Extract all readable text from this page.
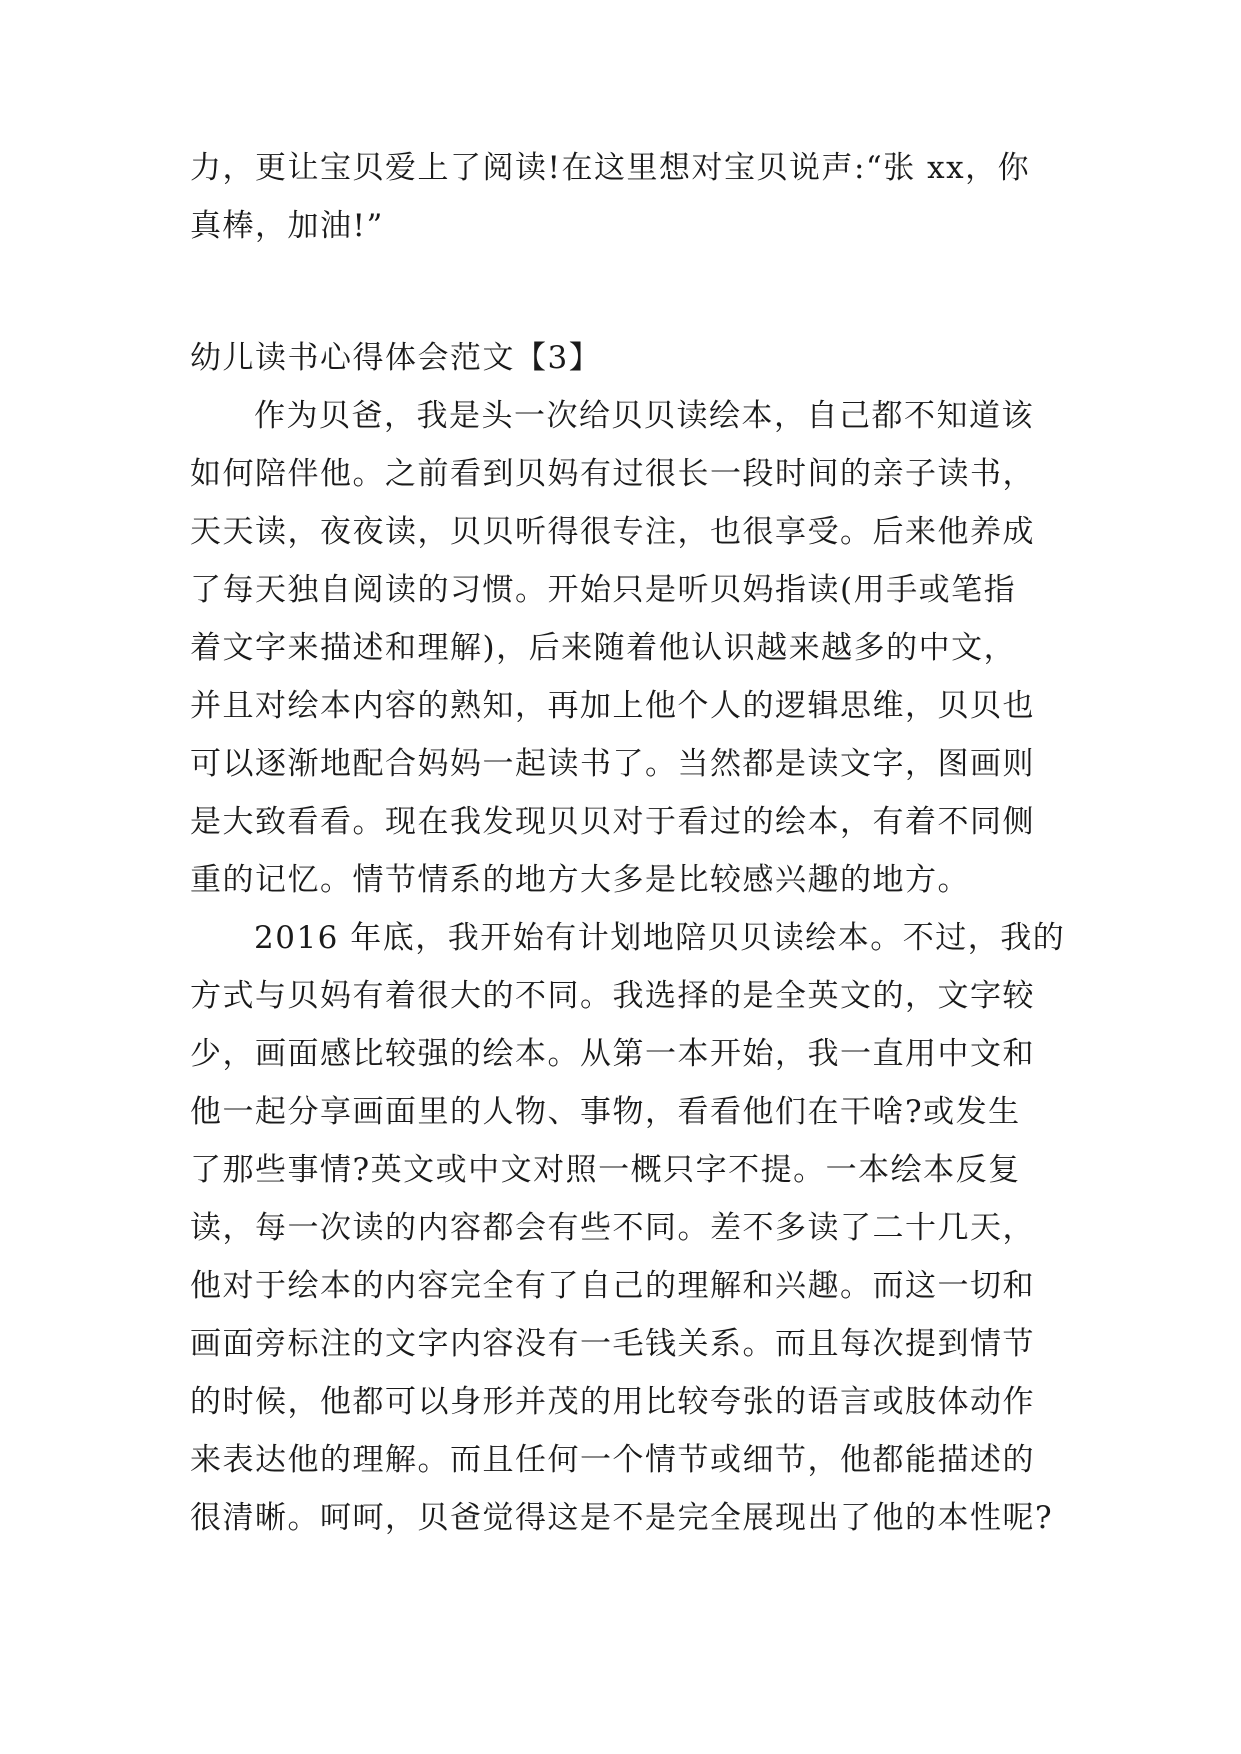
力，更让宝贝爱上了阅读!在这里想对宝贝说声:“张 xx，你
真棒，加油!”
幼儿读书心得体会范文【3】
作为贝爸，我是头一次给贝贝读绘本，自己都不知道该
如何陪伴他。之前看到贝妈有过很长一段时间的亲子读书，
天天读，夜夜读，贝贝听得很专注，也很享受。后来他养成
了每天独自阅读的习惯。开始只是听贝妈指读(用手或笔指
着文字来描述和理解)，后来随着他认识越来越多的中文，
并且对绘本内容的熟知，再加上他个人的逻辑思维，贝贝也
可以逐渐地配合妈妈一起读书了。当然都是读文字，图画则
是大致看看。现在我发现贝贝对于看过的绘本，有着不同侧
重的记忆。情节情系的地方大多是比较感兴趣的地方。
2016 年底，我开始有计划地陪贝贝读绘本。不过，我的
方式与贝妈有着很大的不同。我选择的是全英文的，文字较
少，画面感比较强的绘本。从第一本开始，我一直用中文和
他一起分享画面里的人物、事物，看看他们在干啥?或发生
了那些事情?英文或中文对照一概只字不提。一本绘本反复
读，每一次读的内容都会有些不同。差不多读了二十几天，
他对于绘本的内容完全有了自己的理解和兴趣。而这一切和
画面旁标注的文字内容没有一毛钱关系。而且每次提到情节
的时候，他都可以身形并茂的用比较夸张的语言或肢体动作
来表达他的理解。而且任何一个情节或细节，他都能描述的
很清晰。呵呵，贝爸觉得这是不是完全展现出了他的本性呢?
